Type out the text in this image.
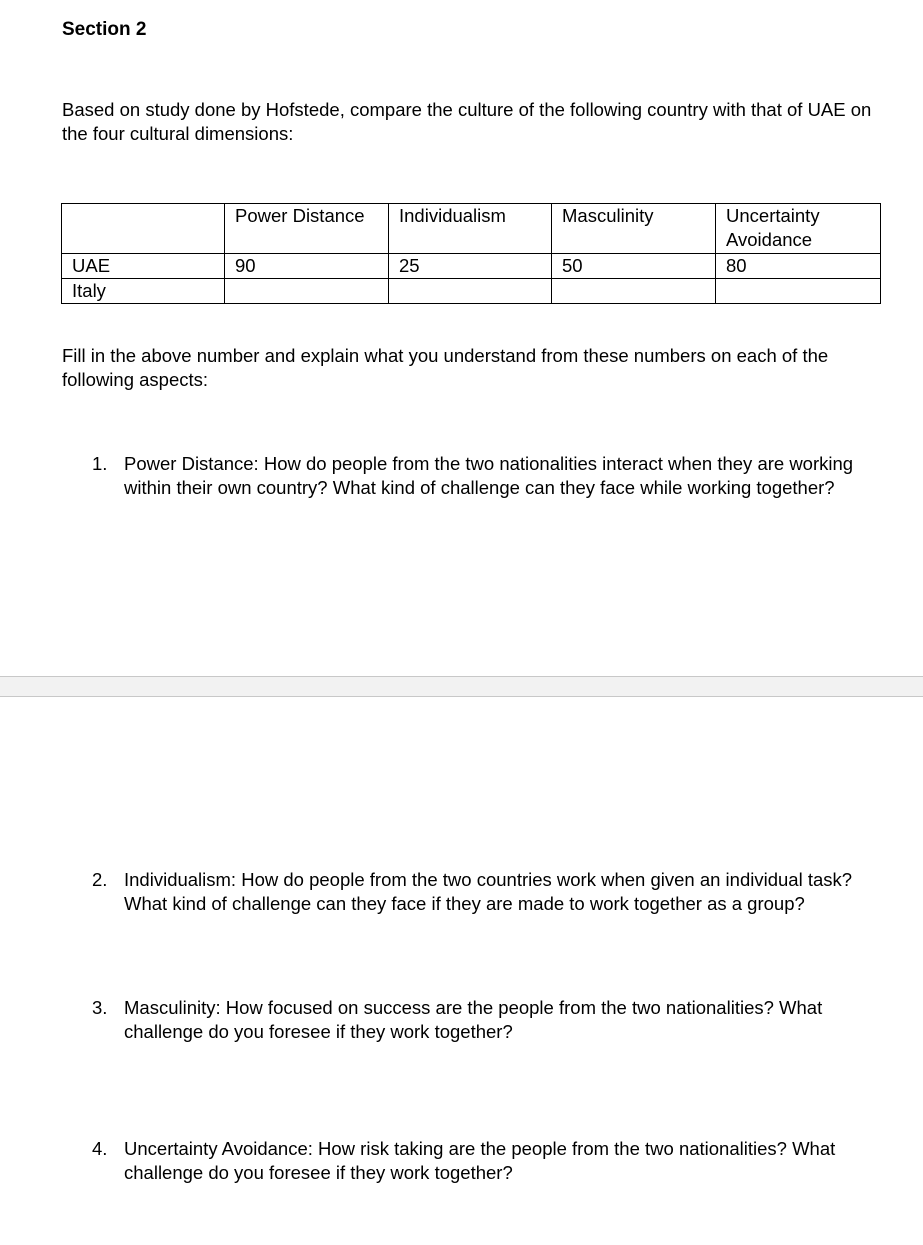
Section 2
Based on study done by Hofstede, compare the culture of the following country with that of UAE on the four cultural dimensions:
	Power Distance	Individualism	Masculinity	Uncertainty Avoidance
UAE	90	25	50	80
Italy				
Fill in the above number and explain what you understand from these numbers on each of the following aspects:
1. Power Distance: How do people from the two nationalities interact when they are working within their own country? What kind of challenge can they face while working together?
2. Individualism: How do people from the two countries work when given an individual task? What kind of challenge can they face if they are made to work together as a group?
3. Masculinity: How focused on success are the people from the two nationalities? What challenge do you foresee if they work together?
4. Uncertainty Avoidance: How risk taking are the people from the two nationalities? What challenge do you foresee if they work together?
